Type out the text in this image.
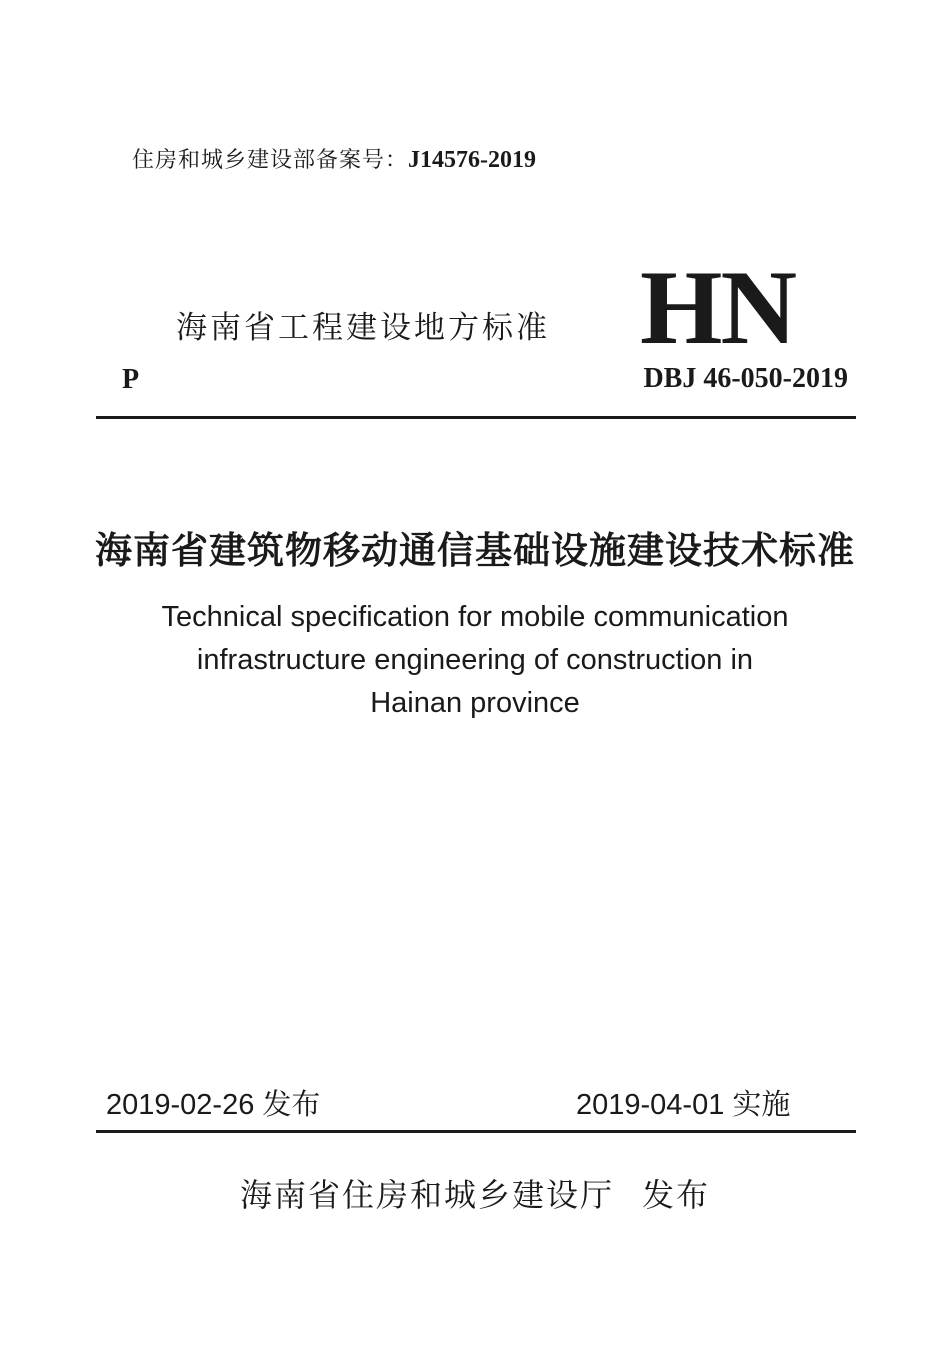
住房和城乡建设部备案号：J14576-2019
海南省工程建设地方标准 HN
P	DBJ 46-050-2019
海南省建筑物移动通信基础设施建设技术标准
Technical specification for mobile communication
infrastructure engineering of construction in
Hainan province
2019-02-26 发布	2019-04-01 实施
海南省住房和城乡建设厅 发布
